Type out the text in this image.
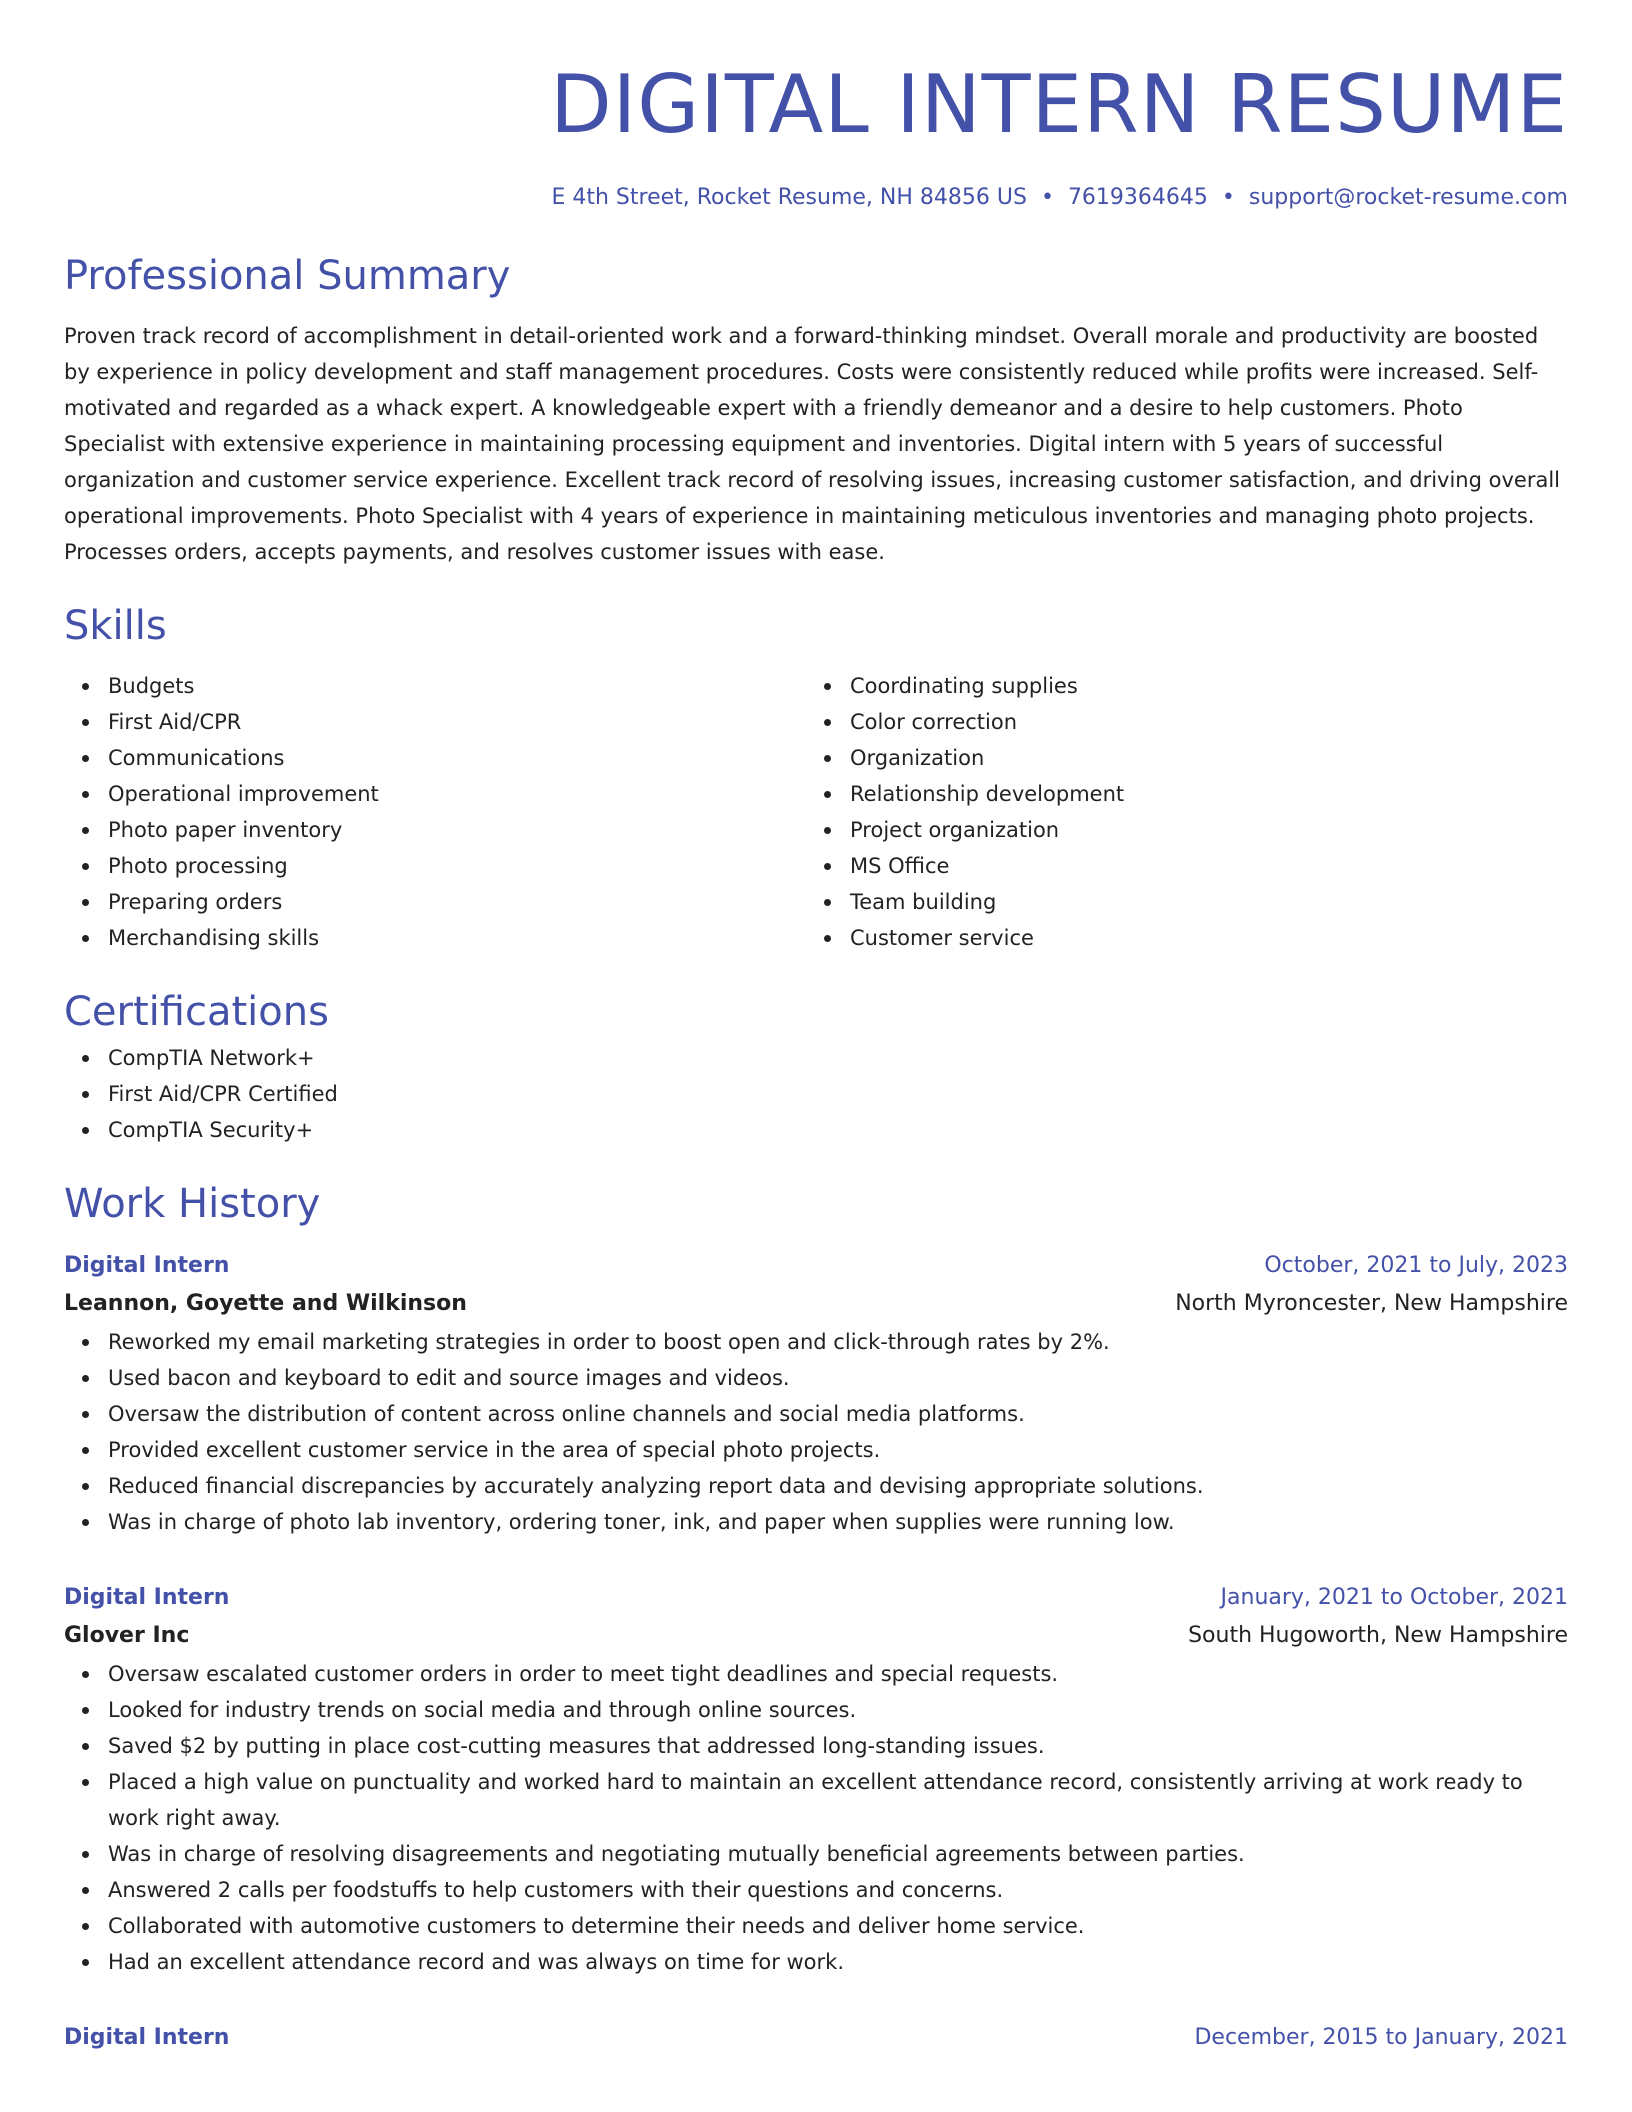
DIGITAL INTERN RESUME
E 4th Street, Rocket Resume, NH 84856 US • 7619364645 • support@rocket-resume.com
Professional Summary

Proven track record of accomplishment in detail-oriented work and a forward-thinking mindset. Overall morale and productivity are boosted by experience in policy development and staff management procedures. Costs were consistently reduced while profits were increased. Self-motivated and regarded as a whack expert. A knowledgeable expert with a friendly demeanor and a desire to help customers. Photo Specialist with extensive experience in maintaining processing equipment and inventories. Digital intern with 5 years of successful organization and customer service experience. Excellent track record of resolving issues, increasing customer satisfaction, and driving overall operational improvements. Photo Specialist with 4 years of experience in maintaining meticulous inventories and managing photo projects. Processes orders, accepts payments, and resolves customer issues with ease.

Skills
Budgets
First Aid/CPR
Communications
Operational improvement
Photo paper inventory
Photo processing
Preparing orders
Merchandising skills
Coordinating supplies
Color correction
Organization
Relationship development
Project organization
MS Office
Team building
Customer service
Certifications
CompTIA Network+
First Aid/CPR Certified
CompTIA Security+
Work History
Digital Intern	October, 2021 to July, 2023
Leannon, Goyette and Wilkinson	North Myroncester, New Hampshire
Reworked my email marketing strategies in order to boost open and click-through rates by 2%.
Used bacon and keyboard to edit and source images and videos.
Oversaw the distribution of content across online channels and social media platforms.
Provided excellent customer service in the area of special photo projects.
Reduced financial discrepancies by accurately analyzing report data and devising appropriate solutions.
Was in charge of photo lab inventory, ordering toner, ink, and paper when supplies were running low.
Digital Intern	January, 2021 to October, 2021
Glover Inc	South Hugoworth, New Hampshire
Oversaw escalated customer orders in order to meet tight deadlines and special requests.
Looked for industry trends on social media and through online sources.
Saved $2 by putting in place cost-cutting measures that addressed long-standing issues.
Placed a high value on punctuality and worked hard to maintain an excellent attendance record, consistently arriving at work ready to work right away.
Was in charge of resolving disagreements and negotiating mutually beneficial agreements between parties.
Answered 2 calls per foodstuffs to help customers with their questions and concerns.
Collaborated with automotive customers to determine their needs and deliver home service.
Had an excellent attendance record and was always on time for work.
Digital Intern	December, 2015 to January, 2021
